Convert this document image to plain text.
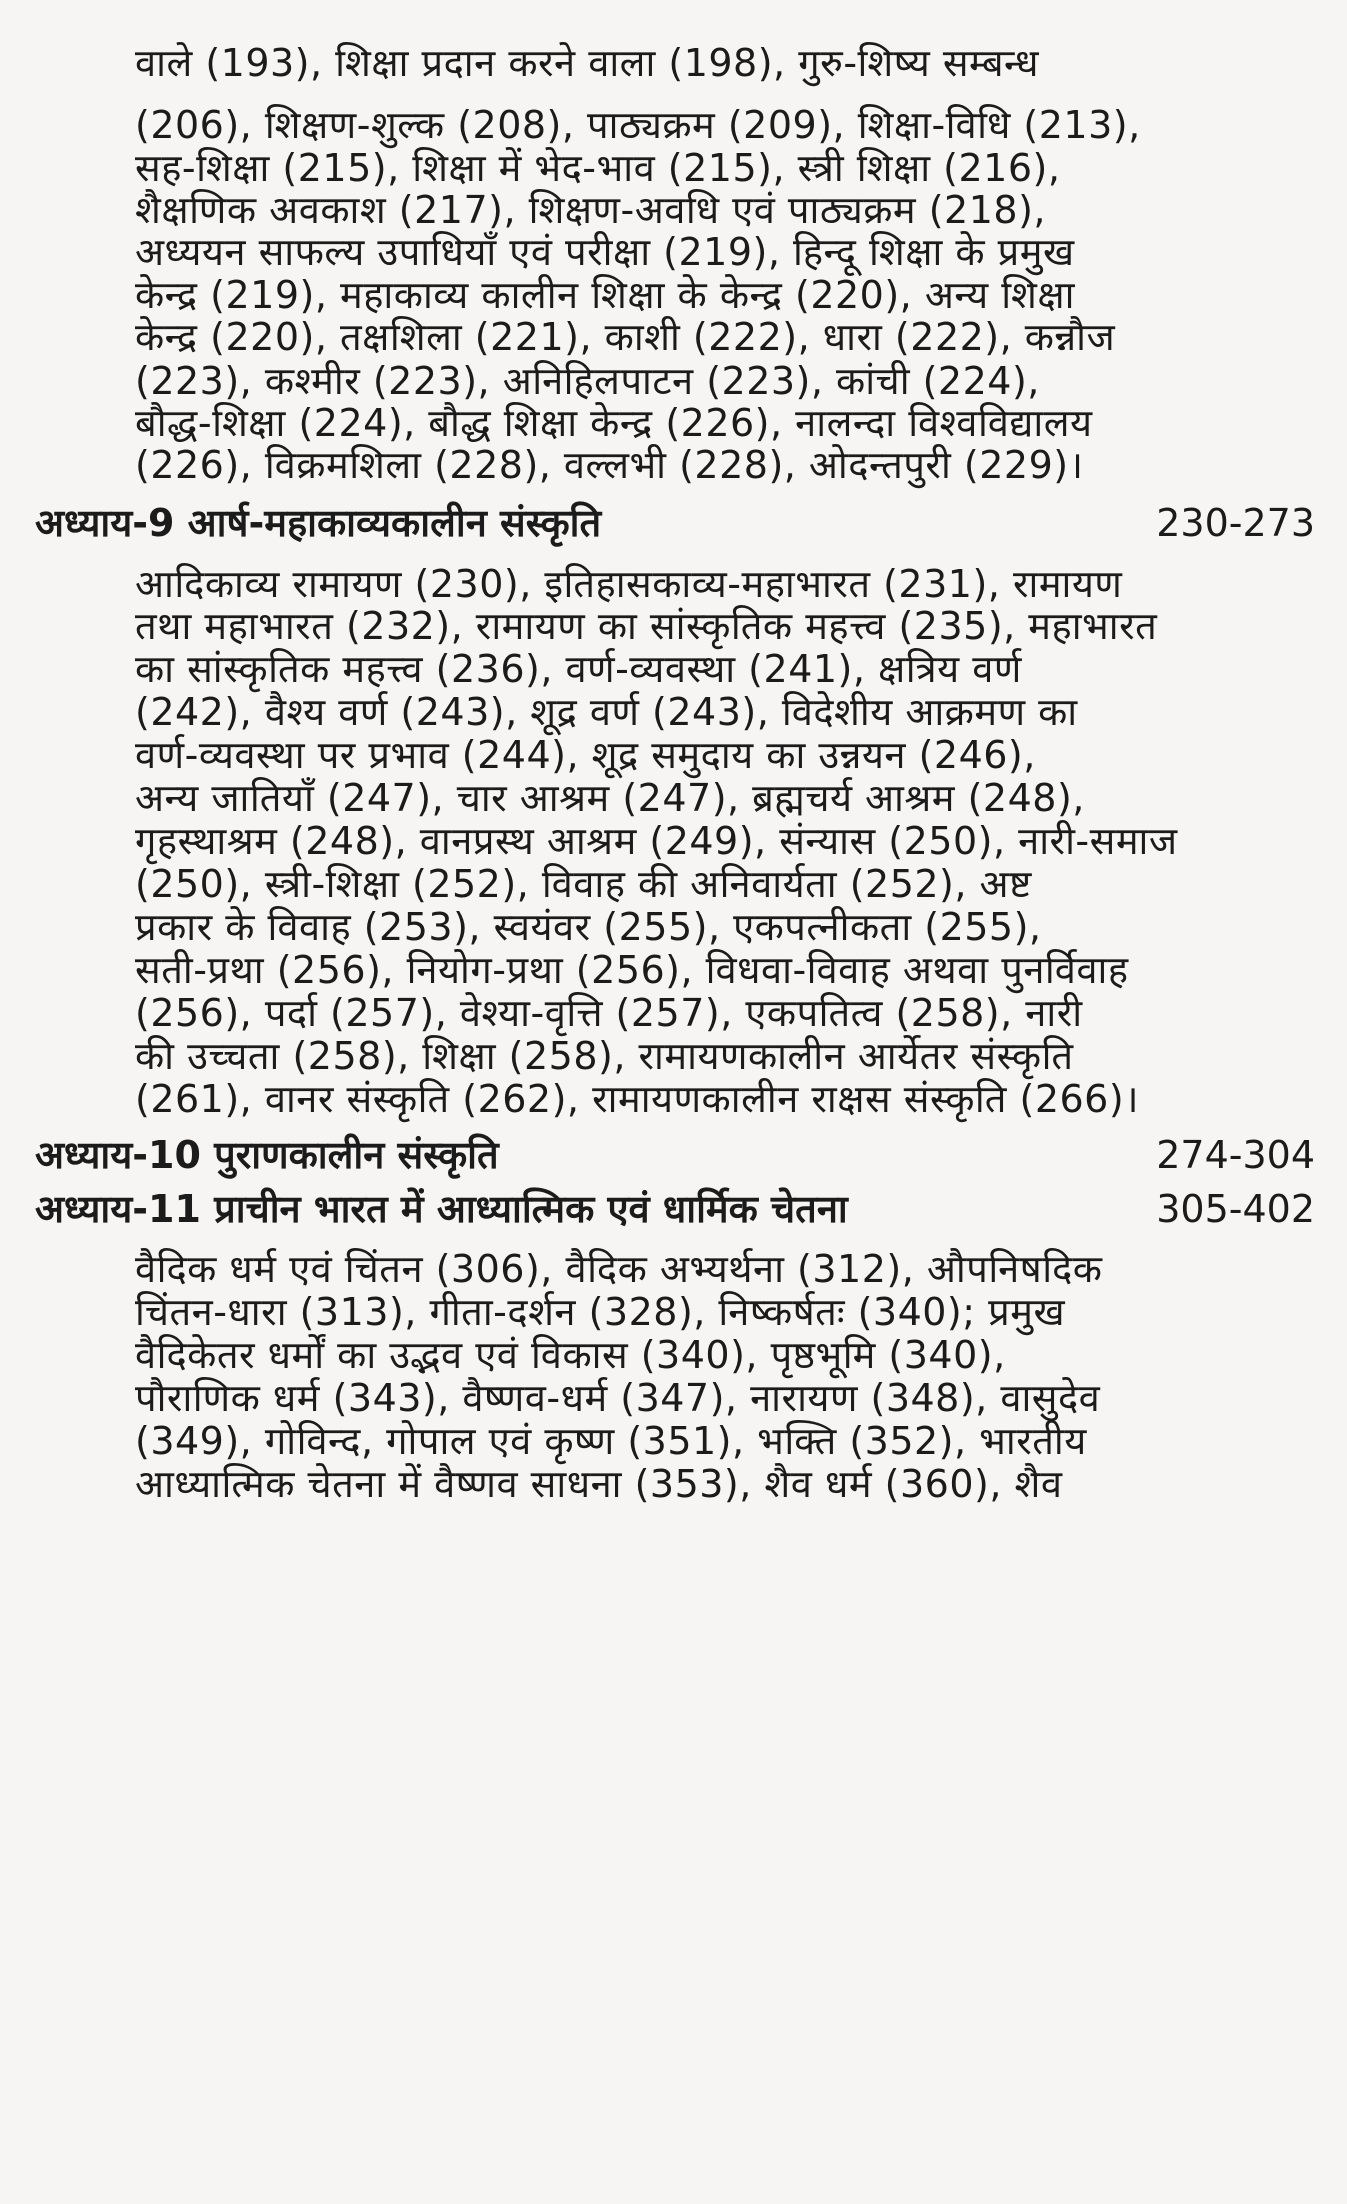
वाले (193), शिक्षा प्रदान करने वाला (198), गुरु-शिष्य सम्बन्ध
(206), शिक्षण-शुल्क (208), पाठ्यक्रम (209), शिक्षा-विधि (213),
सह-शिक्षा (215), शिक्षा में भेद-भाव (215), स्त्री शिक्षा (216),
शैक्षणिक अवकाश (217), शिक्षण-अवधि एवं पाठ्यक्रम (218),
अध्ययन साफल्य उपाधियाँ एवं परीक्षा (219), हिन्दू शिक्षा के प्रमुख
केन्द्र (219), महाकाव्य कालीन शिक्षा के केन्द्र (220), अन्य शिक्षा
केन्द्र (220), तक्षशिला (221), काशी (222), धारा (222), कन्नौज
(223), कश्मीर (223), अनिहिलपाटन (223), कांची (224),
बौद्ध-शिक्षा (224), बौद्ध शिक्षा केन्द्र (226), नालन्दा विश्वविद्यालय
(226), विक्रमशिला (228), वल्लभी (228), ओदन्तपुरी (229)।
अध्याय-9 आर्ष-महाकाव्यकालीन संस्कृति	230-273
आदिकाव्य रामायण (230), इतिहासकाव्य-महाभारत (231), रामायण
तथा महाभारत (232), रामायण का सांस्कृतिक महत्त्व (235), महाभारत
का सांस्कृतिक महत्त्व (236), वर्ण-व्यवस्था (241), क्षत्रिय वर्ण
(242), वैश्य वर्ण (243), शूद्र वर्ण (243), विदेशीय आक्रमण का
वर्ण-व्यवस्था पर प्रभाव (244), शूद्र समुदाय का उन्नयन (246),
अन्य जातियाँ (247), चार आश्रम (247), ब्रह्मचर्य आश्रम (248),
गृहस्थाश्रम (248), वानप्रस्थ आश्रम (249), संन्यास (250), नारी-समाज
(250), स्त्री-शिक्षा (252), विवाह की अनिवार्यता (252), अष्ट
प्रकार के विवाह (253), स्वयंवर (255), एकपत्नीकता (255),
सती-प्रथा (256), नियोग-प्रथा (256), विधवा-विवाह अथवा पुनर्विवाह
(256), पर्दा (257), वेश्या-वृत्ति (257), एकपतित्व (258), नारी
की उच्चता (258), शिक्षा (258), रामायणकालीन आर्येतर संस्कृति
(261), वानर संस्कृति (262), रामायणकालीन राक्षस संस्कृति (266)।
अध्याय-10 पुराणकालीन संस्कृति	274-304
अध्याय-11 प्राचीन भारत में आध्यात्मिक एवं धार्मिक चेतना	305-402
वैदिक धर्म एवं चिंतन (306), वैदिक अभ्यर्थना (312), औपनिषदिक
चिंतन-धारा (313), गीता-दर्शन (328), निष्कर्षतः (340); प्रमुख
वैदिकेतर धर्मों का उद्भव एवं विकास (340), पृष्ठभूमि (340),
पौराणिक धर्म (343), वैष्णव-धर्म (347), नारायण (348), वासुदेव
(349), गोविन्द, गोपाल एवं कृष्ण (351), भक्ति (352), भारतीय
आध्यात्मिक चेतना में वैष्णव साधना (353), शैव धर्म (360), शैव
